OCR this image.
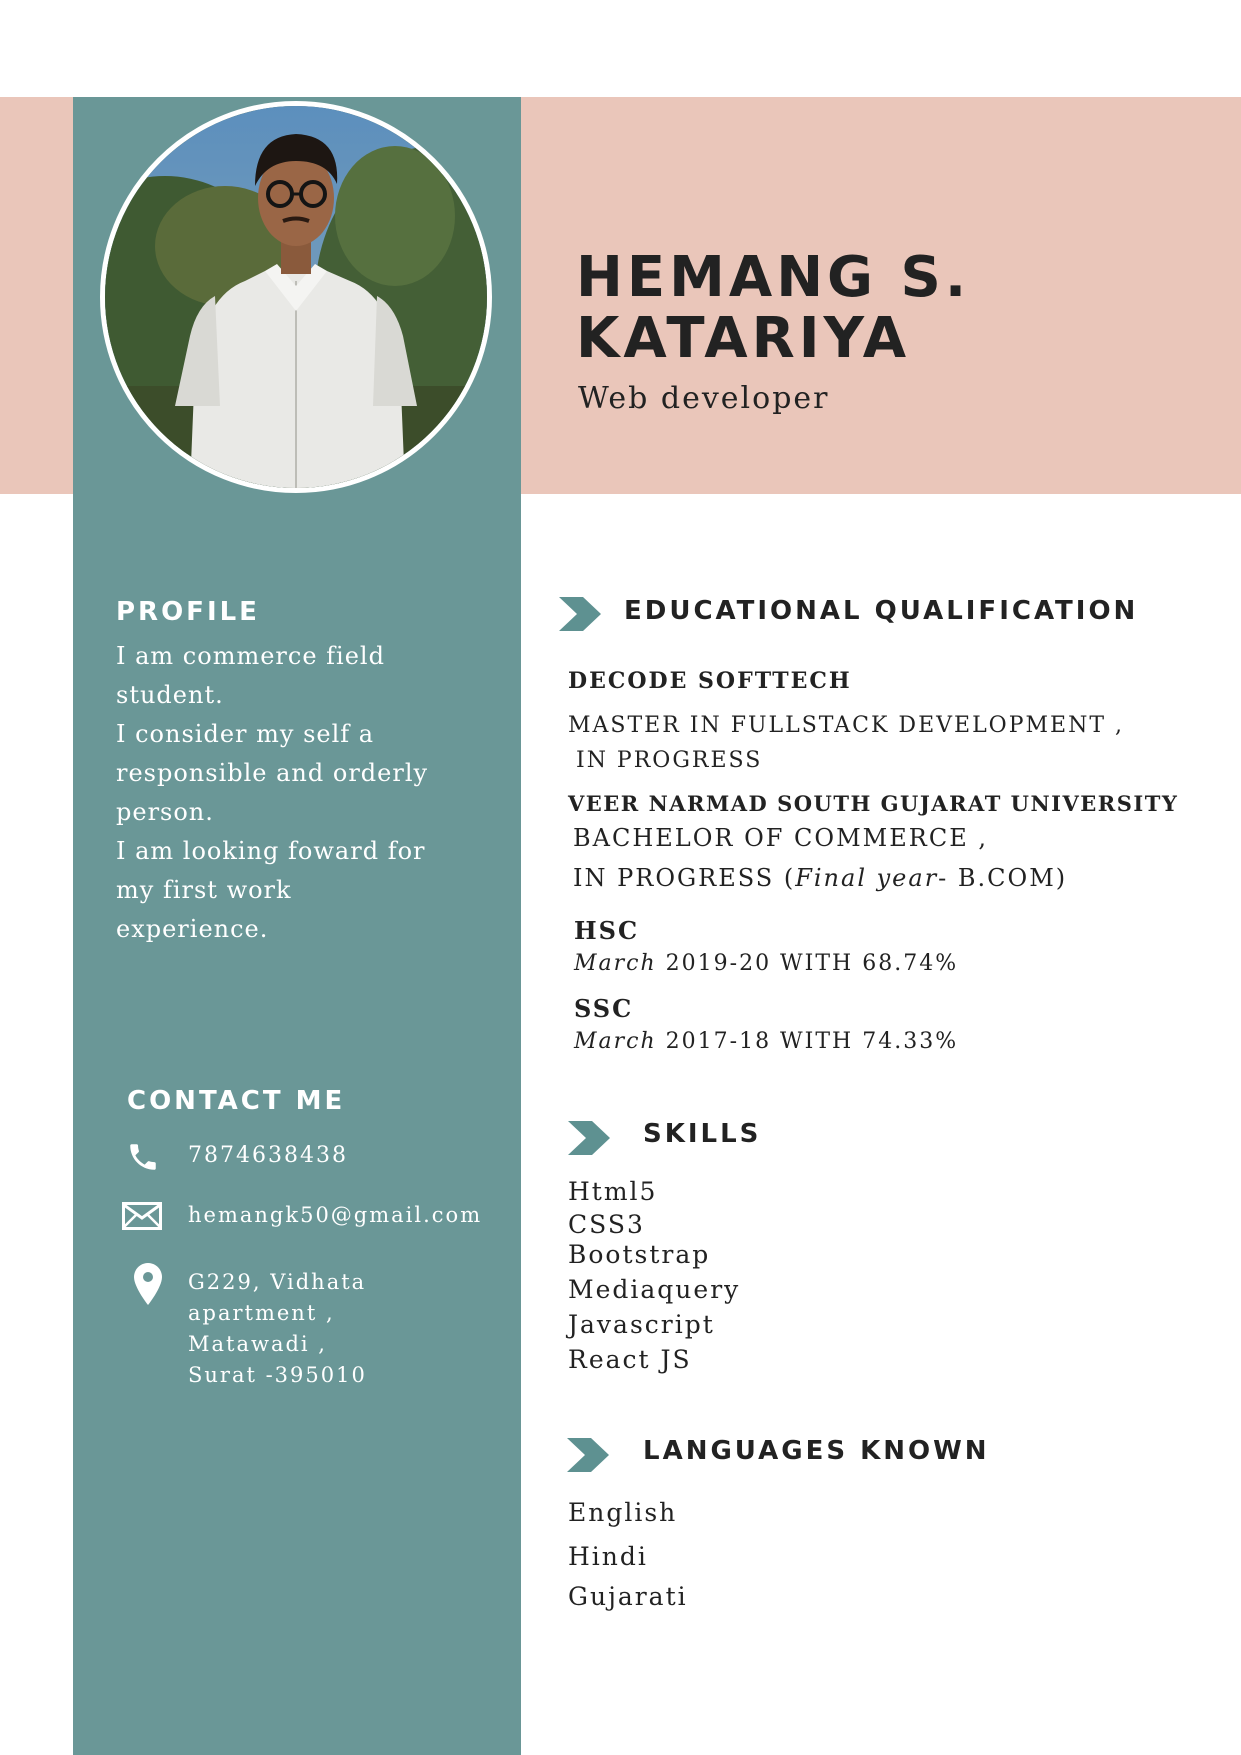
HEMANG S.
KATARIYA

Web developer

PROFILE

I am commerce field
student.
I consider my self a
responsible and orderly
person.
I am looking foward for
my first work
experience.

CONTACT ME

7874638438

hemangk50@gmail.com

G229, Vidhata
apartment ,
Matawadi ,
Surat -395010

EDUCATIONAL QUALIFICATION

DECODE SOFTTECH

MASTER IN FULLSTACK DEVELOPMENT ,

IN PROGRESS

VEER NARMAD SOUTH GUJARAT UNIVERSITY

BACHELOR OF COMMERCE ,

IN PROGRESS (Final year- B.COM)

HSC

March 2019-20 WITH 68.74%

SSC

March 2017-18 WITH 74.33%

SKILLS

Html5

CSS3

Bootstrap

Mediaquery

Javascript

React JS

LANGUAGES KNOWN

English

Hindi

Gujarati
